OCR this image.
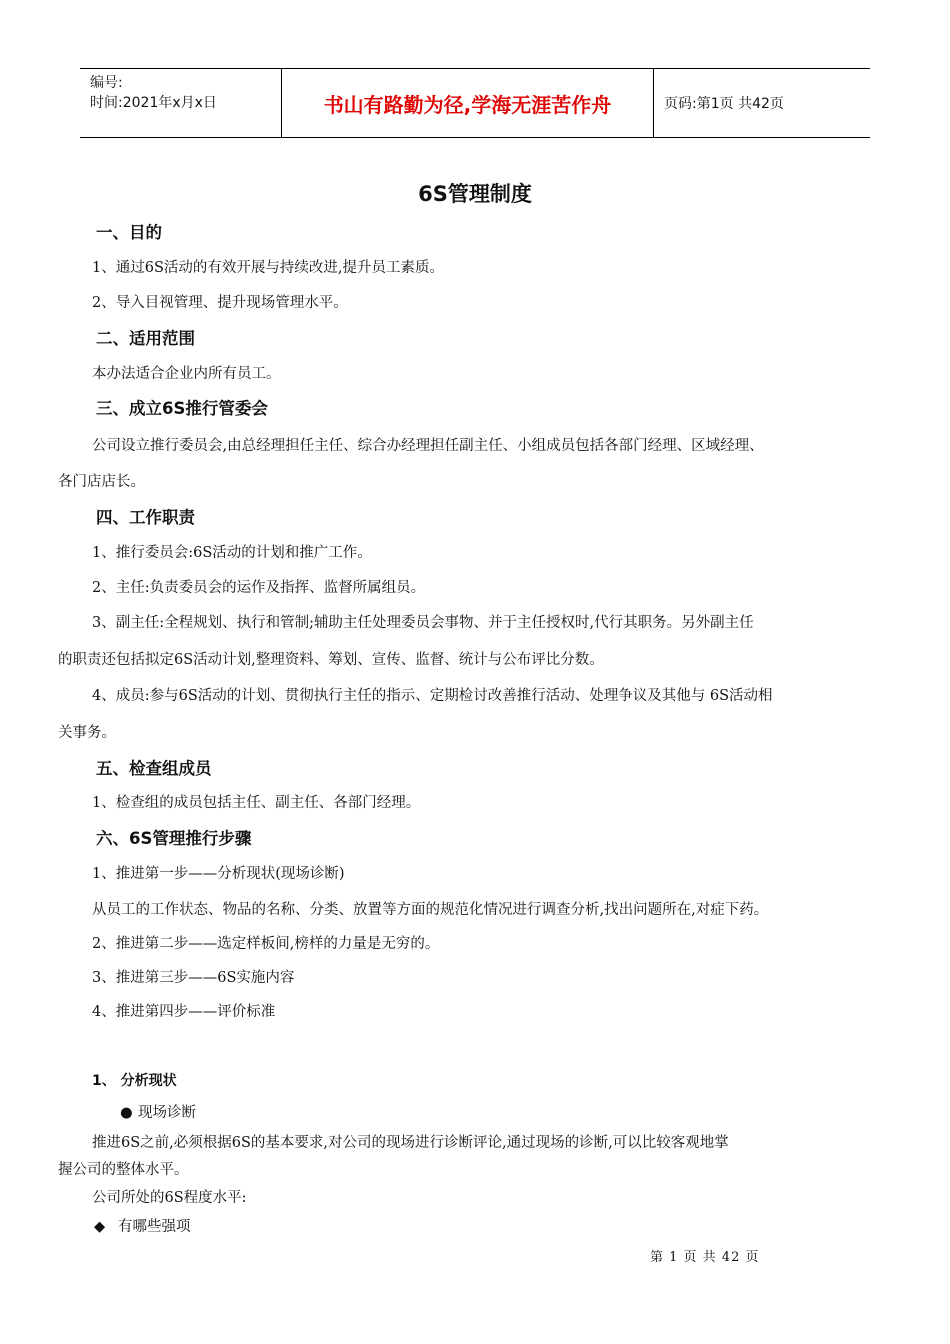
编号:
时间:2021年x月x日	书山有路勤为径,学海无涯苦作舟	页码:第1页 共42页
6S管理制度
一、目的
1、通过6S活动的有效开展与持续改进,提升员工素质。
2、导入目视管理、提升现场管理水平。
二、适用范围
本办法适合企业内所有员工。
三、成立6S推行管委会
公司设立推行委员会,由总经理担任主任、综合办经理担任副主任、小组成员包括各部门经理、区域经理、
各门店店长。
四、工作职责
1、推行委员会:6S活动的计划和推广工作。
2、主任:负责委员会的运作及指挥、监督所属组员。
3、副主任:全程规划、执行和管制;辅助主任处理委员会事物、并于主任授权时,代行其职务。另外副主任
的职责还包括拟定6S活动计划,整理资料、筹划、宣传、监督、统计与公布评比分数。
4、成员:参与6S活动的计划、贯彻执行主任的指示、定期检讨改善推行活动、处理争议及其他与 6S活动相
关事务。
五、检查组成员
1、检查组的成员包括主任、副主任、各部门经理。
六、6S管理推行步骤
1、推进第一步——分析现状(现场诊断)
从员工的工作状态、物品的名称、分类、放置等方面的规范化情况进行调查分析,找出问题所在,对症下药。
2、推进第二步——选定样板间,榜样的力量是无穷的。
3、推进第三步——6S实施内容
4、推进第四步——评价标准
1、 分析现状
● 现场诊断
推进6S之前,必须根据6S的基本要求,对公司的现场进行诊断评论,通过现场的诊断,可以比较客观地掌
握公司的整体水平。
公司所处的6S程度水平:
◆ 有哪些强项
第 1 页 共 42 页
